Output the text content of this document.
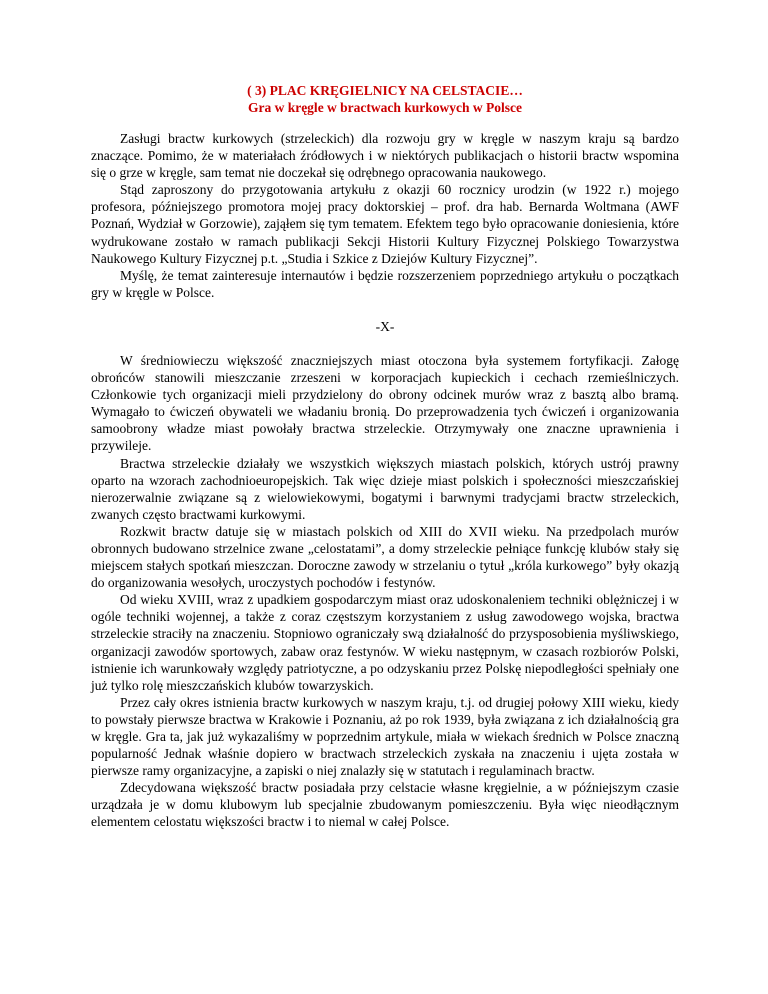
( 3) PLAC KRĘGIELNICY NA CELSTACIE…

Gra w kręgle w bractwach kurkowych w Polsce

Zasługi bractw kurkowych (strzeleckich) dla rozwoju gry w kręgle w naszym kraju są bardzo znaczące. Pomimo, że w materiałach źródłowych i w niektórych publikacjach o historii bractw wspomina się o grze w kręgle, sam temat nie doczekał się odrębnego opracowania naukowego.

Stąd zaproszony do przygotowania artykułu z okazji 60 rocznicy urodzin (w 1922 r.) mojego profesora, późniejszego promotora mojej pracy doktorskiej – prof. dra hab. Bernarda Woltmana (AWF Poznań, Wydział w Gorzowie), zająłem się tym tematem. Efektem tego było opracowanie doniesienia, które wydrukowane zostało w ramach publikacji Sekcji Historii Kultury Fizycznej Polskiego Towarzystwa Naukowego Kultury Fizycznej p.t. „Studia i Szkice z Dziejów Kultury Fizycznej”.

Myślę, że temat zainteresuje internautów i będzie rozszerzeniem poprzedniego artykułu o początkach gry w kręgle w Polsce.

-X-

W średniowieczu większość znaczniejszych miast otoczona była systemem fortyfikacji. Załogę obrońców stanowili mieszczanie zrzeszeni w korporacjach kupieckich i cechach rzemieślniczych. Członkowie tych organizacji mieli przydzielony do obrony odcinek murów wraz z basztą albo bramą. Wymagało to ćwiczeń obywateli we władaniu bronią. Do przeprowadzenia tych ćwiczeń i organizowania samoobrony władze miast powołały bractwa strzeleckie. Otrzymywały one znaczne uprawnienia i przywileje.

Bractwa strzeleckie działały we wszystkich większych miastach polskich, których ustrój prawny oparto na wzorach zachodnioeuropejskich. Tak więc dzieje miast polskich i społeczności mieszczańskiej nierozerwalnie związane są z wielowiekowymi, bogatymi i barwnymi tradycjami bractw strzeleckich, zwanych często bractwami kurkowymi.

Rozkwit bractw datuje się w miastach polskich od XIII do XVII wieku. Na przedpolach murów obronnych budowano strzelnice zwane „celostatami”, a domy strzeleckie pełniące funkcję klubów stały się miejscem stałych spotkań mieszczan. Doroczne zawody w strzelaniu o tytuł „króla kurkowego” były okazją do organizowania wesołych, uroczystych pochodów i festynów.

Od wieku XVIII, wraz z upadkiem gospodarczym miast oraz udoskonaleniem techniki oblężniczej i w ogóle techniki wojennej, a także z coraz częstszym korzystaniem z usług zawodowego wojska, bractwa strzeleckie straciły na znaczeniu. Stopniowo ograniczały swą działalność do przysposobienia myśliwskiego, organizacji zawodów sportowych, zabaw oraz festynów. W wieku następnym, w czasach rozbiorów Polski, istnienie ich warunkowały względy patriotyczne, a po odzyskaniu przez Polskę niepodległości spełniały one już tylko rolę mieszczańskich klubów towarzyskich.

Przez cały okres istnienia bractw kurkowych w naszym kraju, t.j. od drugiej połowy XIII wieku, kiedy to powstały pierwsze bractwa w Krakowie i Poznaniu, aż po rok 1939, była związana z ich działalnością gra w kręgle. Gra ta, jak już wykazaliśmy w poprzednim artykule, miała w wiekach średnich w Polsce znaczną popularność Jednak właśnie dopiero w bractwach strzeleckich zyskała na znaczeniu i ujęta została w pierwsze ramy organizacyjne, a zapiski o niej znalazły się w statutach i regulaminach bractw.

Zdecydowana większość bractw posiadała przy celstacie własne kręgielnie, a w późniejszym czasie urządzała je w domu klubowym lub specjalnie zbudowanym pomieszczeniu. Była więc nieodłącznym elementem celostatu większości bractw i to niemal w całej Polsce.
